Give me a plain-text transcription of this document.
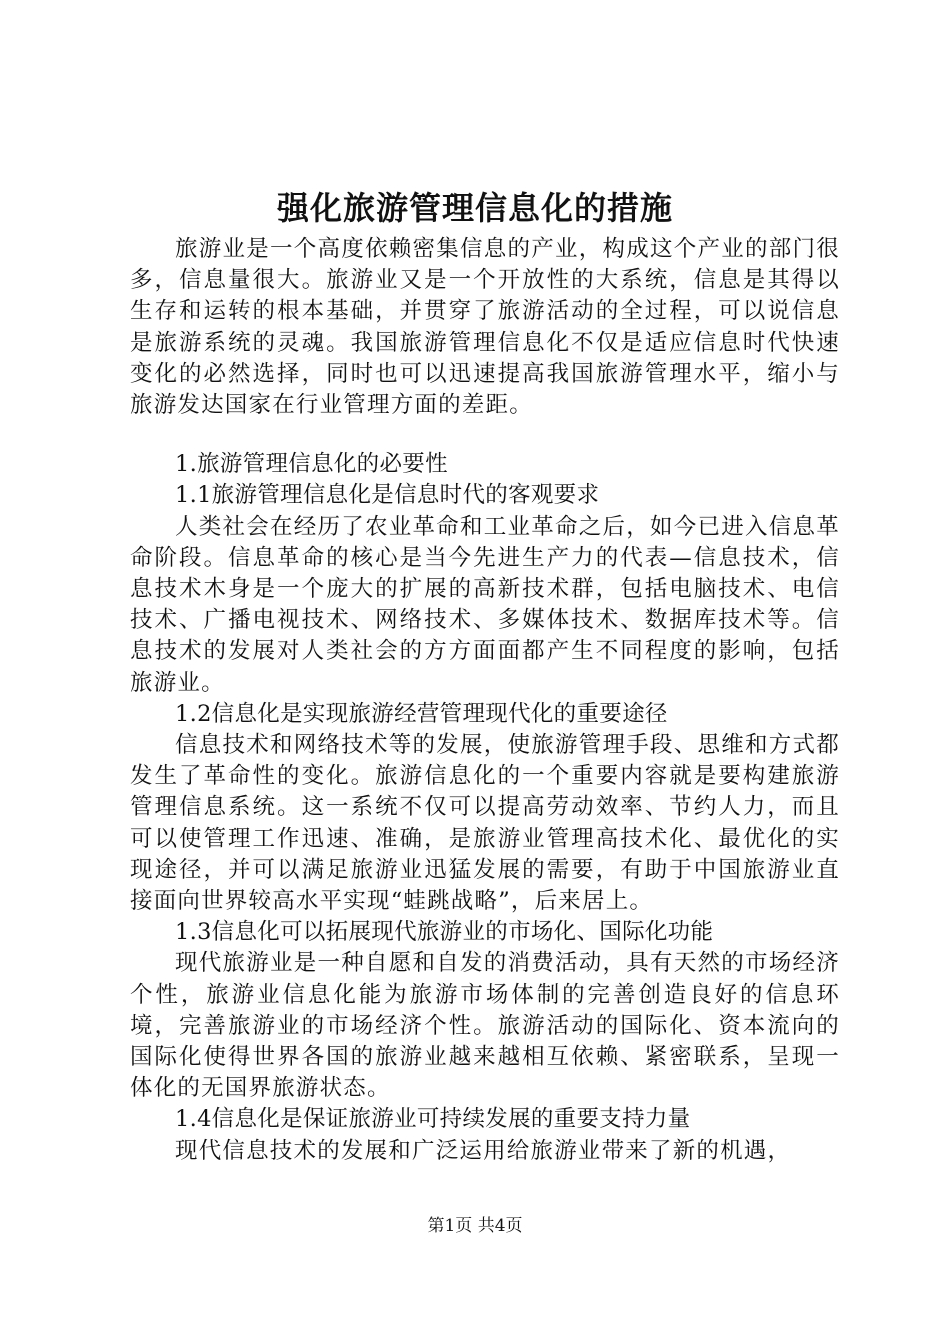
强化旅游管理信息化的措施

旅游业是一个高度依赖密集信息的产业，构成这个产业的部门很多，信息量很大。旅游业又是一个开放性的大系统，信息是其得以生存和运转的根本基础，并贯穿了旅游活动的全过程，可以说信息是旅游系统的灵魂。我国旅游管理信息化不仅是适应信息时代快速变化的必然选择，同时也可以迅速提高我国旅游管理水平，缩小与旅游发达国家在行业管理方面的差距。

1.旅游管理信息化的必要性

1.1旅游管理信息化是信息时代的客观要求

人类社会在经历了农业革命和工业革命之后，如今已进入信息革命阶段。信息革命的核心是当今先进生产力的代表—信息技术，信息技术木身是一个庞大的扩展的高新技术群，包括电脑技术、电信技术、广播电视技术、网络技术、多媒体技术、数据库技术等。信息技术的发展对人类社会的方方面面都产生不同程度的影响，包括旅游业。

1.2信息化是实现旅游经营管理现代化的重要途径

信息技术和网络技术等的发展，使旅游管理手段、思维和方式都发生了革命性的变化。旅游信息化的一个重要内容就是要构建旅游管理信息系统。这一系统不仅可以提高劳动效率、节约人力，而且可以使管理工作迅速、准确，是旅游业管理高技术化、最优化的实现途径，并可以满足旅游业迅猛发展的需要，有助于中国旅游业直接面向世界较高水平实现“蛙跳战略”，后来居上。

1.3信息化可以拓展现代旅游业的市场化、国际化功能

现代旅游业是一种自愿和自发的消费活动，具有天然的市场经济个性，旅游业信息化能为旅游市场体制的完善创造良好的信息环境，完善旅游业的市场经济个性。旅游活动的国际化、资本流向的国际化使得世界各国的旅游业越来越相互依赖、紧密联系，呈现一体化的无国界旅游状态。

1.4信息化是保证旅游业可持续发展的重要支持力量

现代信息技术的发展和广泛运用给旅游业带来了新的机遇，

第1页 共4页
